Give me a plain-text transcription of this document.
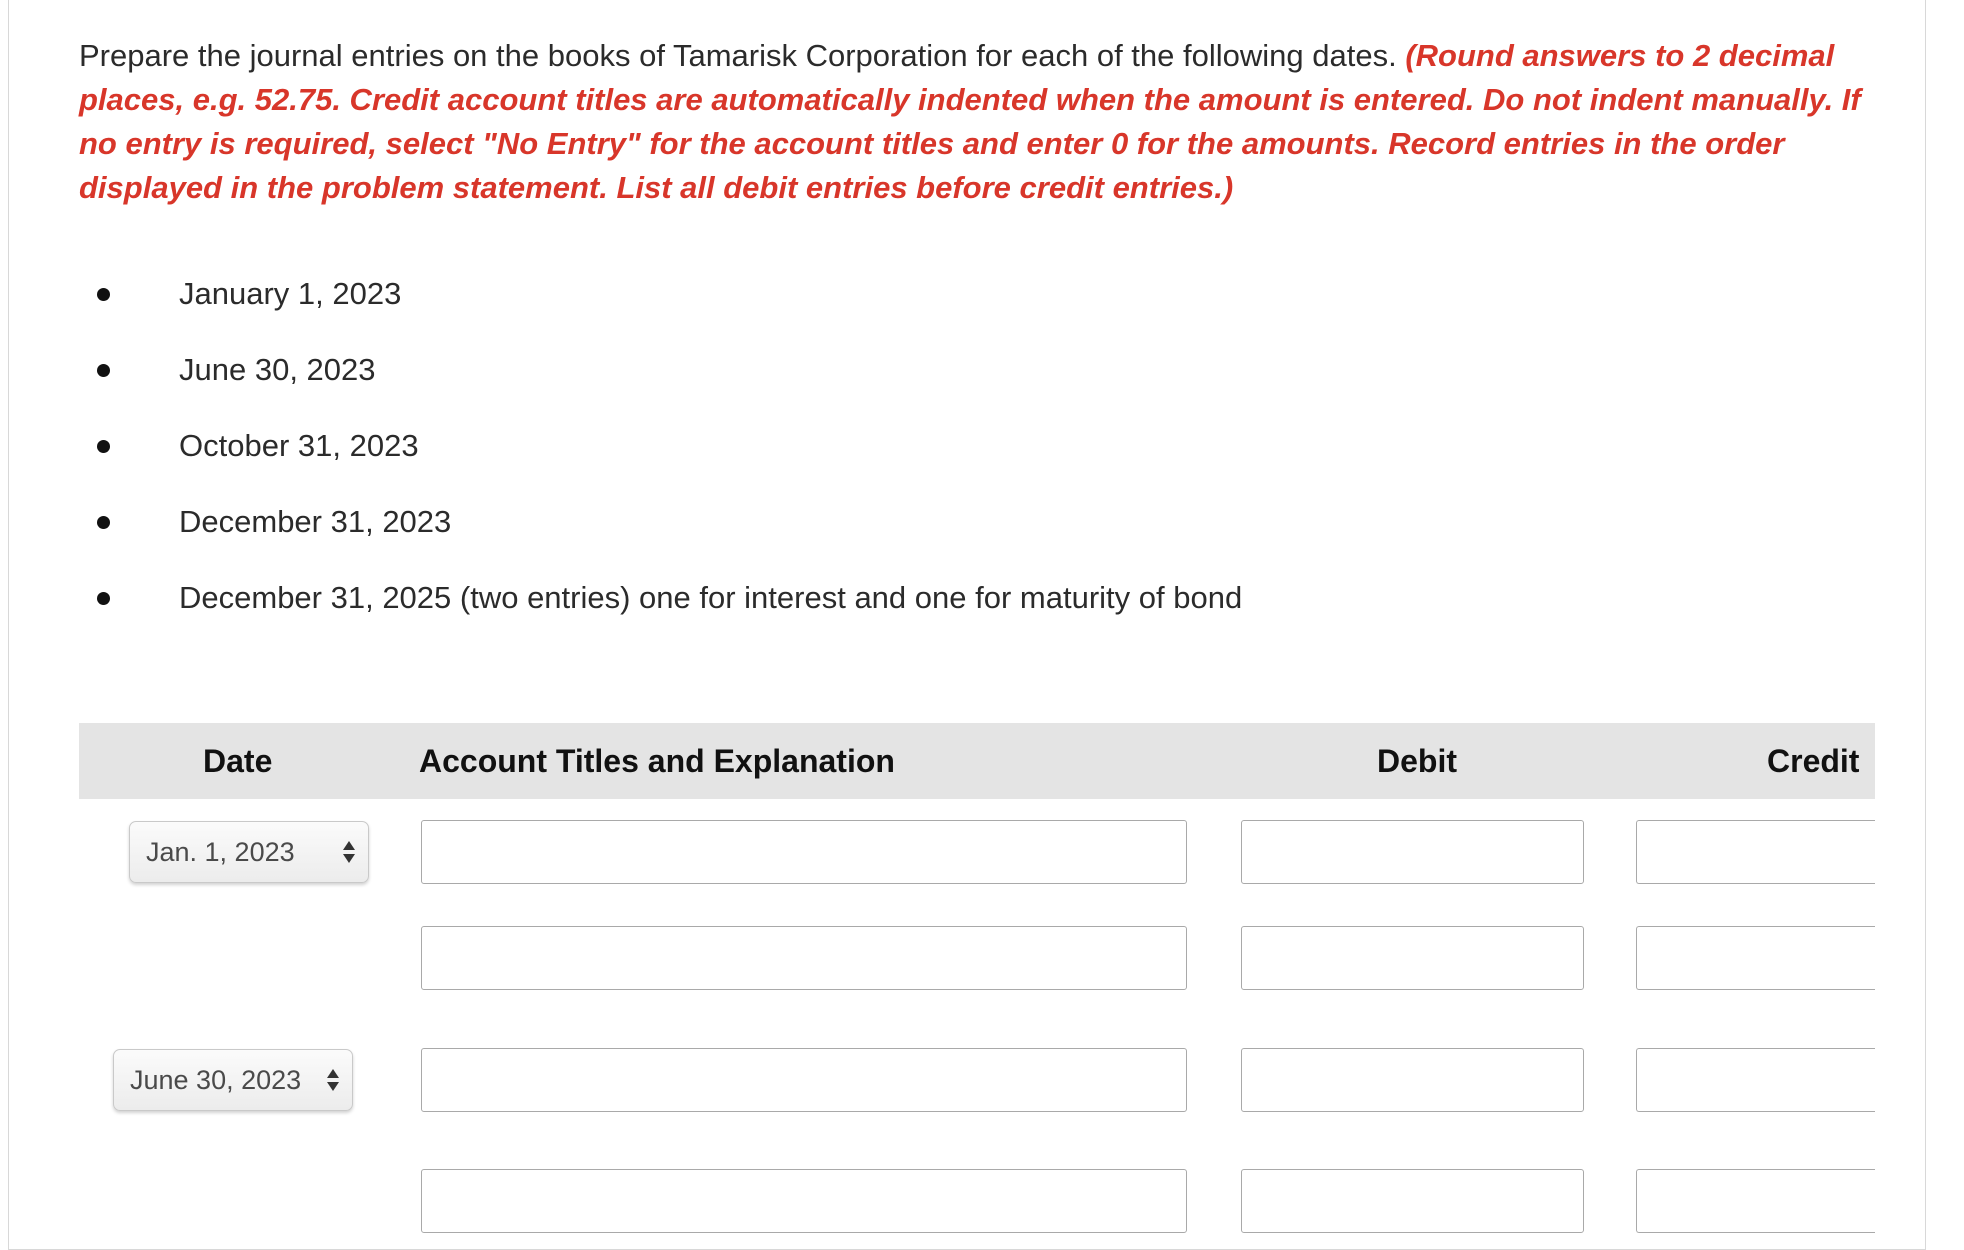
Prepare the journal entries on the books of Tamarisk Corporation for each of the following dates. (Round answers to 2 decimal places, e.g. 52.75. Credit account titles are automatically indented when the amount is entered. Do not indent manually. If no entry is required, select "No Entry" for the account titles and enter 0 for the amounts. Record entries in the order displayed in the problem statement. List all debit entries before credit entries.)

January 1, 2023
June 30, 2023
October 31, 2023
December 31, 2023
December 31, 2025 (two entries) one for interest and one for maturity of bond
Date	Account Titles and Explanation	Debit	Credit
Jan. 1, 2023
June 30, 2023
